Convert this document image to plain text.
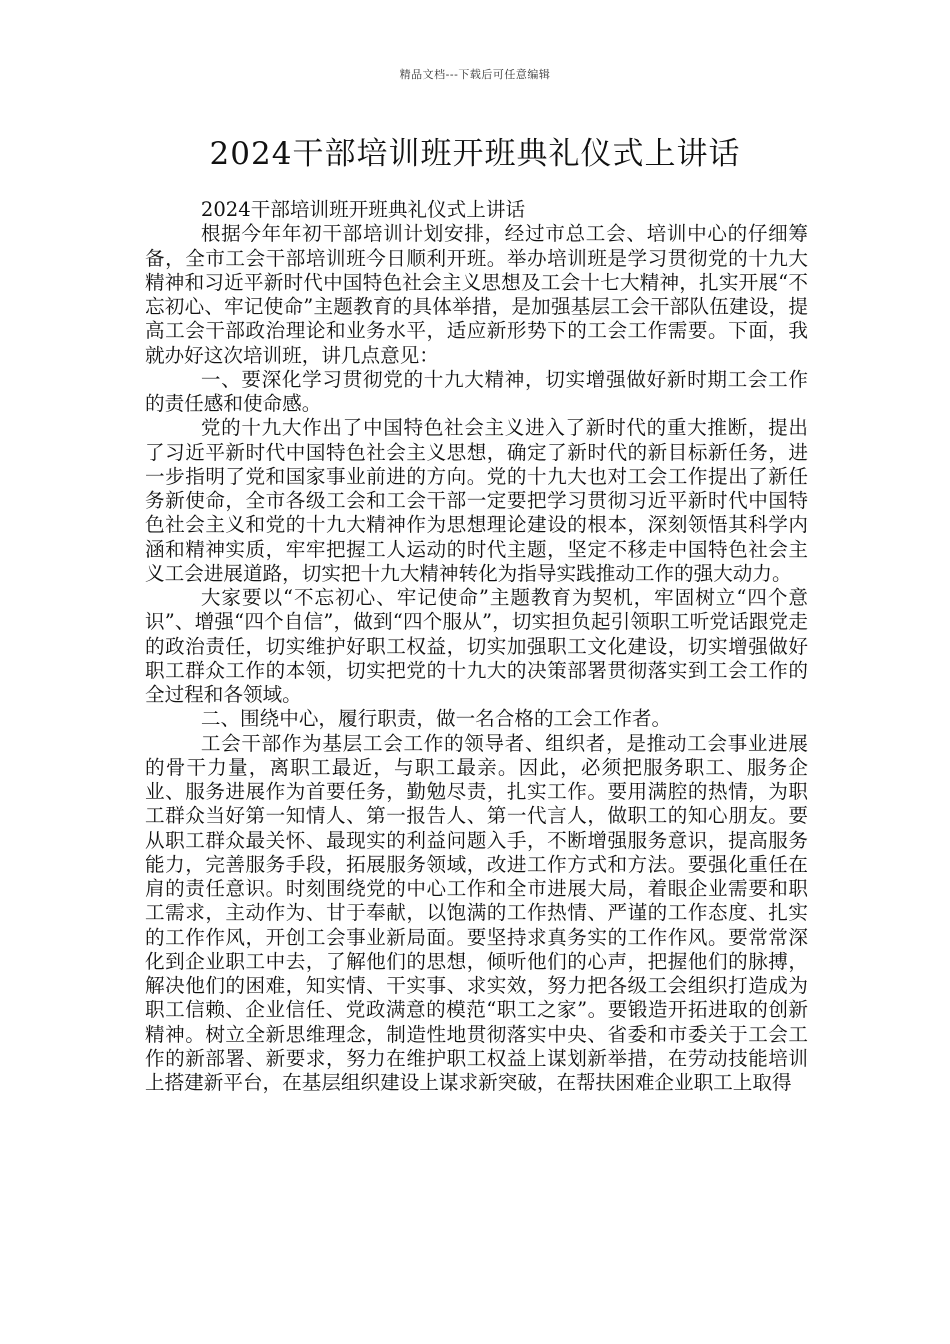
精品文档---下载后可任意编辑
2024干部培训班开班典礼仪式上讲话

2024干部培训班开班典礼仪式上讲话

根据今年年初干部培训计划安排，经过市总工会、培训中心的仔细筹备，全市工会干部培训班今日顺利开班。举办培训班是学习贯彻党的十九大精神和习近平新时代中国特色社会主义思想及工会十七大精神，扎实开展“不忘初心、牢记使命”主题教育的具体举措，是加强基层工会干部队伍建设，提高工会干部政治理论和业务水平，适应新形势下的工会工作需要。下面，我就办好这次培训班，讲几点意见：

一、要深化学习贯彻党的十九大精神，切实增强做好新时期工会工作的责任感和使命感。

党的十九大作出了中国特色社会主义进入了新时代的重大推断，提出了习近平新时代中国特色社会主义思想，确定了新时代的新目标新任务，进一步指明了党和国家事业前进的方向。党的十九大也对工会工作提出了新任务新使命，全市各级工会和工会干部一定要把学习贯彻习近平新时代中国特色社会主义和党的十九大精神作为思想理论建设的根本，深刻领悟其科学内涵和精神实质，牢牢把握工人运动的时代主题，坚定不移走中国特色社会主义工会进展道路，切实把十九大精神转化为指导实践推动工作的强大动力。

大家要以“不忘初心、牢记使命”主题教育为契机，牢固树立“四个意识”、增强“四个自信”，做到“四个服从”，切实担负起引领职工听党话跟党走的政治责任，切实维护好职工权益，切实加强职工文化建设，切实增强做好职工群众工作的本领，切实把党的十九大的决策部署贯彻落实到工会工作的全过程和各领域。

二、围绕中心，履行职责，做一名合格的工会工作者。

工会干部作为基层工会工作的领导者、组织者，是推动工会事业进展的骨干力量，离职工最近，与职工最亲。因此，必须把服务职工、服务企业、服务进展作为首要任务，勤勉尽责，扎实工作。要用满腔的热情，为职工群众当好第一知情人、第一报告人、第一代言人，做职工的知心朋友。要从职工群众最关怀、最现实的利益问题入手，不断增强服务意识，提高服务能力，完善服务手段，拓展服务领域，改进工作方式和方法。要强化重任在肩的责任意识。时刻围绕党的中心工作和全市进展大局，着眼企业需要和职工需求，主动作为、甘于奉献，以饱满的工作热情、严谨的工作态度、扎实的工作作风，开创工会事业新局面。要坚持求真务实的工作作风。要常常深化到企业职工中去，了解他们的思想，倾听他们的心声，把握他们的脉搏，解决他们的困难，知实情、干实事、求实效，努力把各级工会组织打造成为职工信赖、企业信任、党政满意的模范“职工之家”。要锻造开拓进取的创新精神。树立全新思维理念，制造性地贯彻落实中央、省委和市委关于工会工作的新部署、新要求，努力在维护职工权益上谋划新举措，在劳动技能培训上搭建新平台，在基层组织建设上谋求新突破，在帮扶困难企业职工上取得
